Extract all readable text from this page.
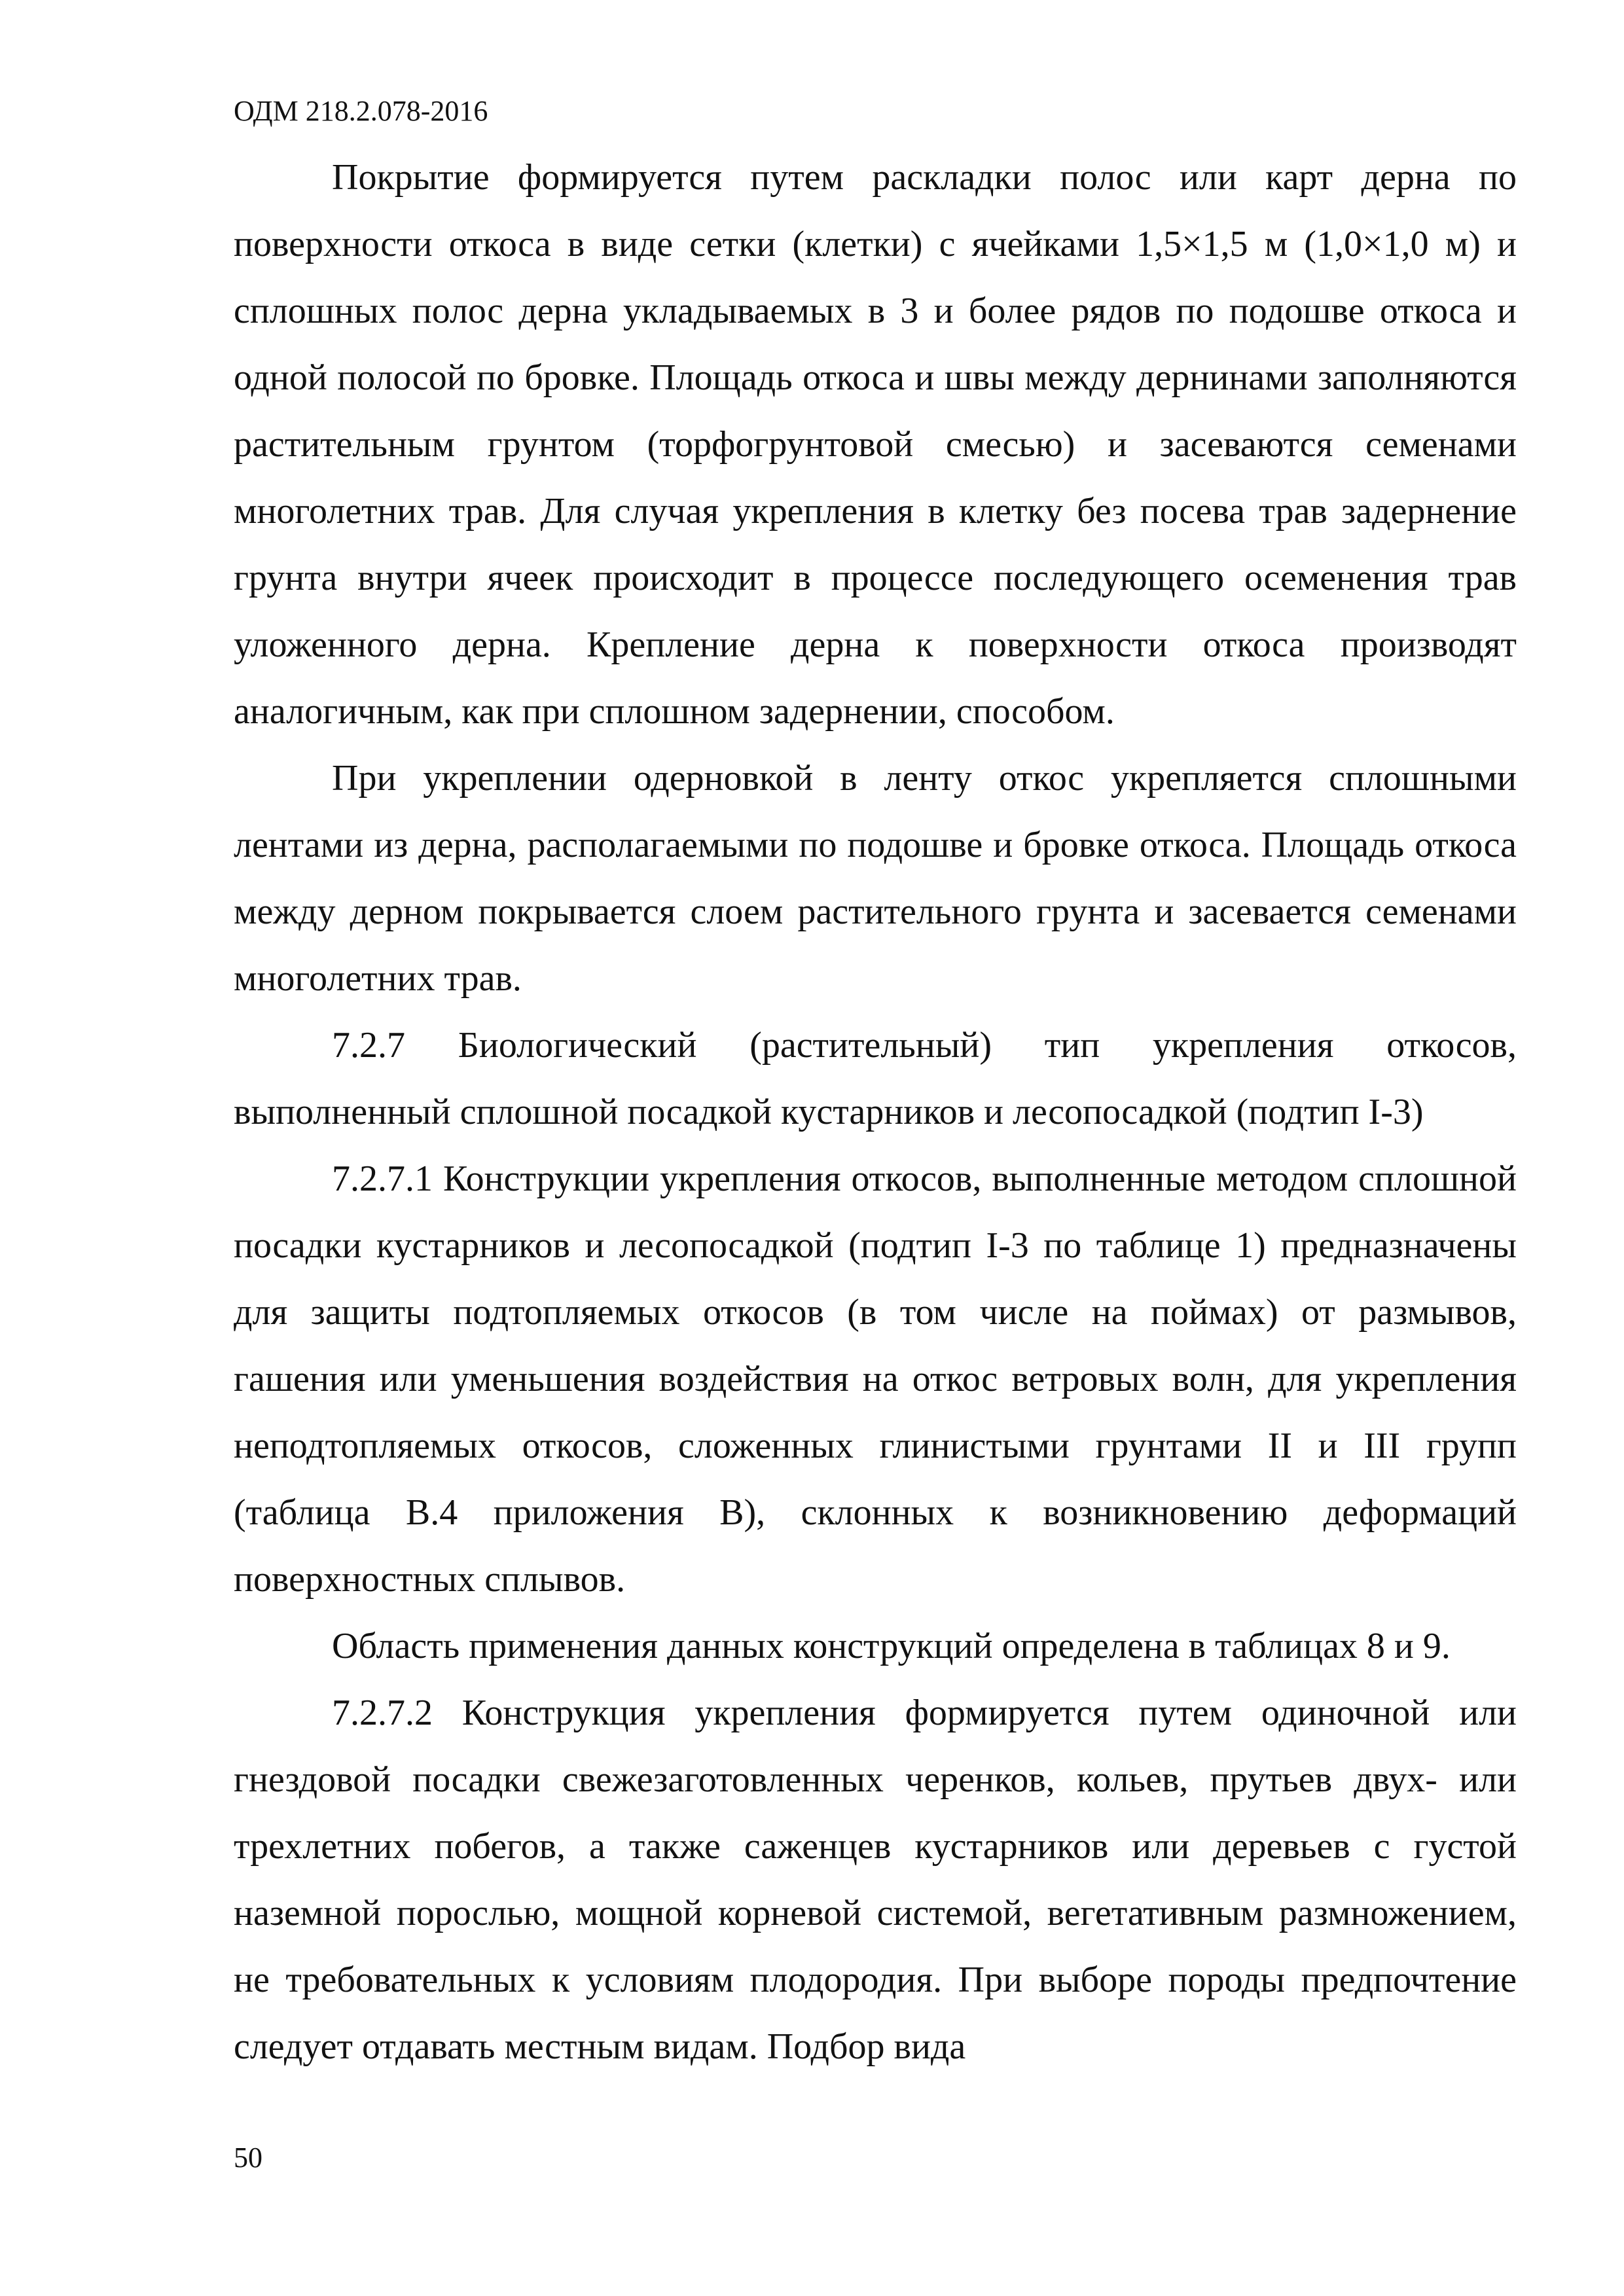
ОДМ 218.2.078-2016

Покрытие формируется путем раскладки полос или карт дерна по поверхности откоса в виде сетки (клетки) с ячейками 1,5×1,5 м (1,0×1,0 м) и сплошных полос дерна укладываемых в 3 и более рядов по подошве откоса и одной полосой по бровке. Площадь откоса и швы между дернинами заполняются растительным грунтом (торфогрунтовой смесью) и засеваются семенами многолетних трав. Для случая укрепления в клетку без посева трав задернение грунта внутри ячеек происходит в процессе последующего осеменения трав уложенного дерна. Крепление дерна к поверхности откоса производят аналогичным, как при сплошном задернении, способом.

При укреплении одерновкой в ленту откос укрепляется сплошными лентами из дерна, располагаемыми по подошве и бровке откоса. Площадь откоса между дерном покрывается слоем растительного грунта и засевается семенами многолетних трав.

7.2.7 Биологический (растительный) тип укрепления откосов, выполненный сплошной посадкой кустарников и лесопосадкой (подтип I-3)

7.2.7.1 Конструкции укрепления откосов, выполненные методом сплошной посадки кустарников и лесопосадкой (подтип I-3 по таблице 1) предназначены для защиты подтопляемых откосов (в том числе на поймах) от размывов, гашения или уменьшения воздействия на откос ветровых волн, для укрепления неподтопляемых откосов, сложенных глинистыми грунтами II и III групп (таблица В.4 приложения В), склонных к возникновению деформаций поверхностных сплывов.

Область применения данных конструкций определена в таблицах 8 и 9.

7.2.7.2 Конструкция укрепления формируется путем одиночной или гнездовой посадки свежезаготовленных черенков, кольев, прутьев двух- или трехлетних побегов, а также саженцев кустарников или деревьев с густой наземной порослью, мощной корневой системой, вегетативным размножением, не требовательных к условиям плодородия. При выборе породы предпочтение следует отдавать местным видам. Подбор вида

50
